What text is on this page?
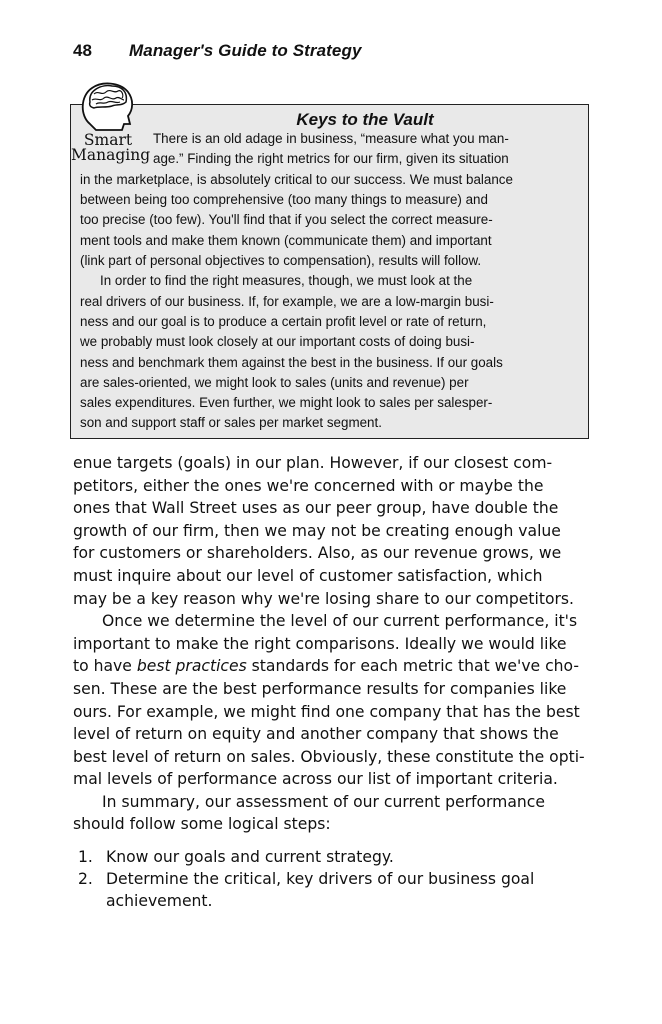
48 Manager's Guide to Strategy
Smart
Managing
Keys to the Vault
There is an old adage in business, “measure what you man-
age.” Finding the right metrics for our firm, given its situation
in the marketplace, is absolutely critical to our success. We must balance
between being too comprehensive (too many things to measure) and
too precise (too few). You'll find that if you select the correct measure-
ment tools and make them known (communicate them) and important
(link part of personal objectives to compensation), results will follow.
In order to find the right measures, though, we must look at the
real drivers of our business. If, for example, we are a low-margin busi-
ness and our goal is to produce a certain profit level or rate of return,
we probably must look closely at our important costs of doing busi-
ness and benchmark them against the best in the business. If our goals
are sales-oriented, we might look to sales (units and revenue) per
sales expenditures. Even further, we might look to sales per salesper-
son and support staff or sales per market segment.
enue targets (goals) in our plan. However, if our closest com-
petitors, either the ones we're concerned with or maybe the
ones that Wall Street uses as our peer group, have double the
growth of our firm, then we may not be creating enough value
for customers or shareholders. Also, as our revenue grows, we
must inquire about our level of customer satisfaction, which
may be a key reason why we're losing share to our competitors.
Once we determine the level of our current performance, it's
important to make the right comparisons. Ideally we would like
to have best practices standards for each metric that we've cho-
sen. These are the best performance results for companies like
ours. For example, we might find one company that has the best
level of return on equity and another company that shows the
best level of return on sales. Obviously, these constitute the opti-
mal levels of performance across our list of important criteria.
In summary, our assessment of our current performance
should follow some logical steps:
1. Know our goals and current strategy.
2. Determine the critical, key drivers of our business goal
achievement.
